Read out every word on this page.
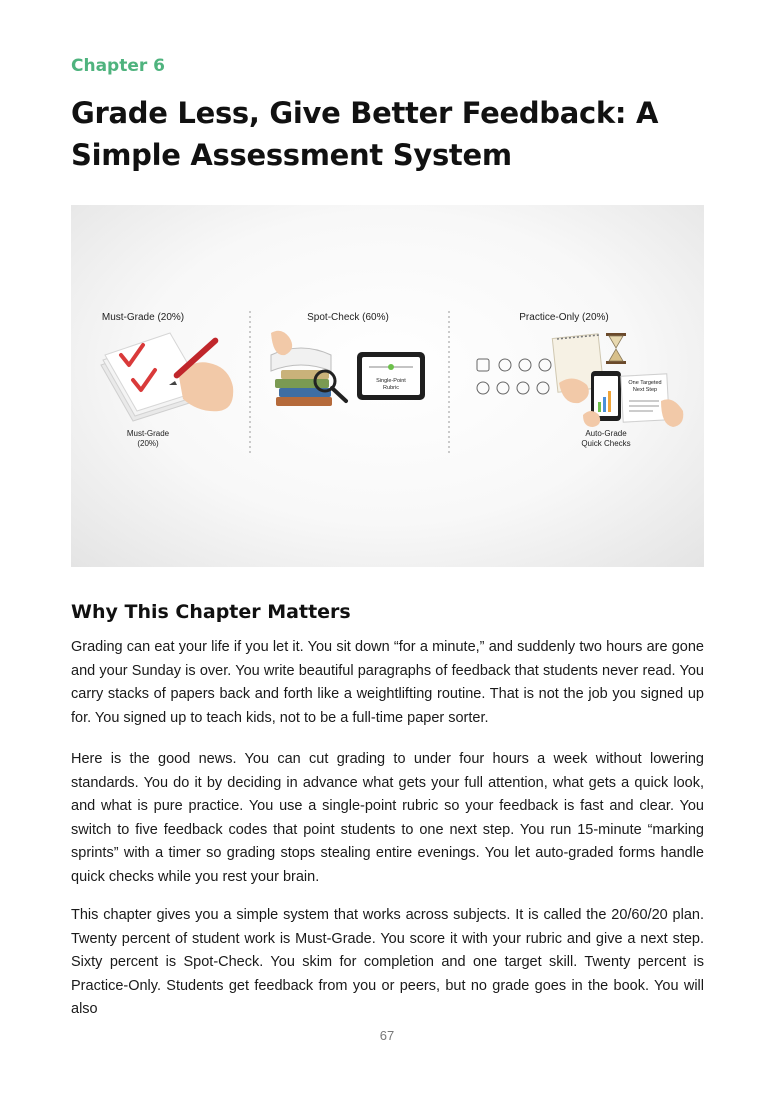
Chapter 6
Grade Less, Give Better Feedback: A Simple Assessment System
Must-Grade (20%)
Must-Grade
(20%)
Spot-Check (60%)
Single-Point
Rubric
Practice-Only (20%)
One Targeted
Next Step
Auto-Grade
Quick Checks
Why This Chapter Matters

Grading can eat your life if you let it. You sit down “for a minute,” and suddenly two hours are gone and your Sunday is over. You write beautiful paragraphs of feedback that students never read. You carry stacks of papers back and forth like a weightlifting routine. That is not the job you signed up for. You signed up to teach kids, not to be a full-time paper sorter.

Here is the good news. You can cut grading to under four hours a week without lowering standards. You do it by deciding in advance what gets your full attention, what gets a quick look, and what is pure practice. You use a single-point rubric so your feedback is fast and clear. You switch to five feedback codes that point students to one next step. You run 15-minute “marking sprints” with a timer so grading stops stealing entire evenings. You let auto-graded forms handle quick checks while you rest your brain.

This chapter gives you a simple system that works across subjects. It is called the 20/60/20 plan. Twenty percent of student work is Must-Grade. You score it with your rubric and give a next step. Sixty percent is Spot-Check. You skim for completion and one target skill. Twenty percent is Practice-Only. Students get feedback from you or peers, but no grade goes in the book. You will also

67
